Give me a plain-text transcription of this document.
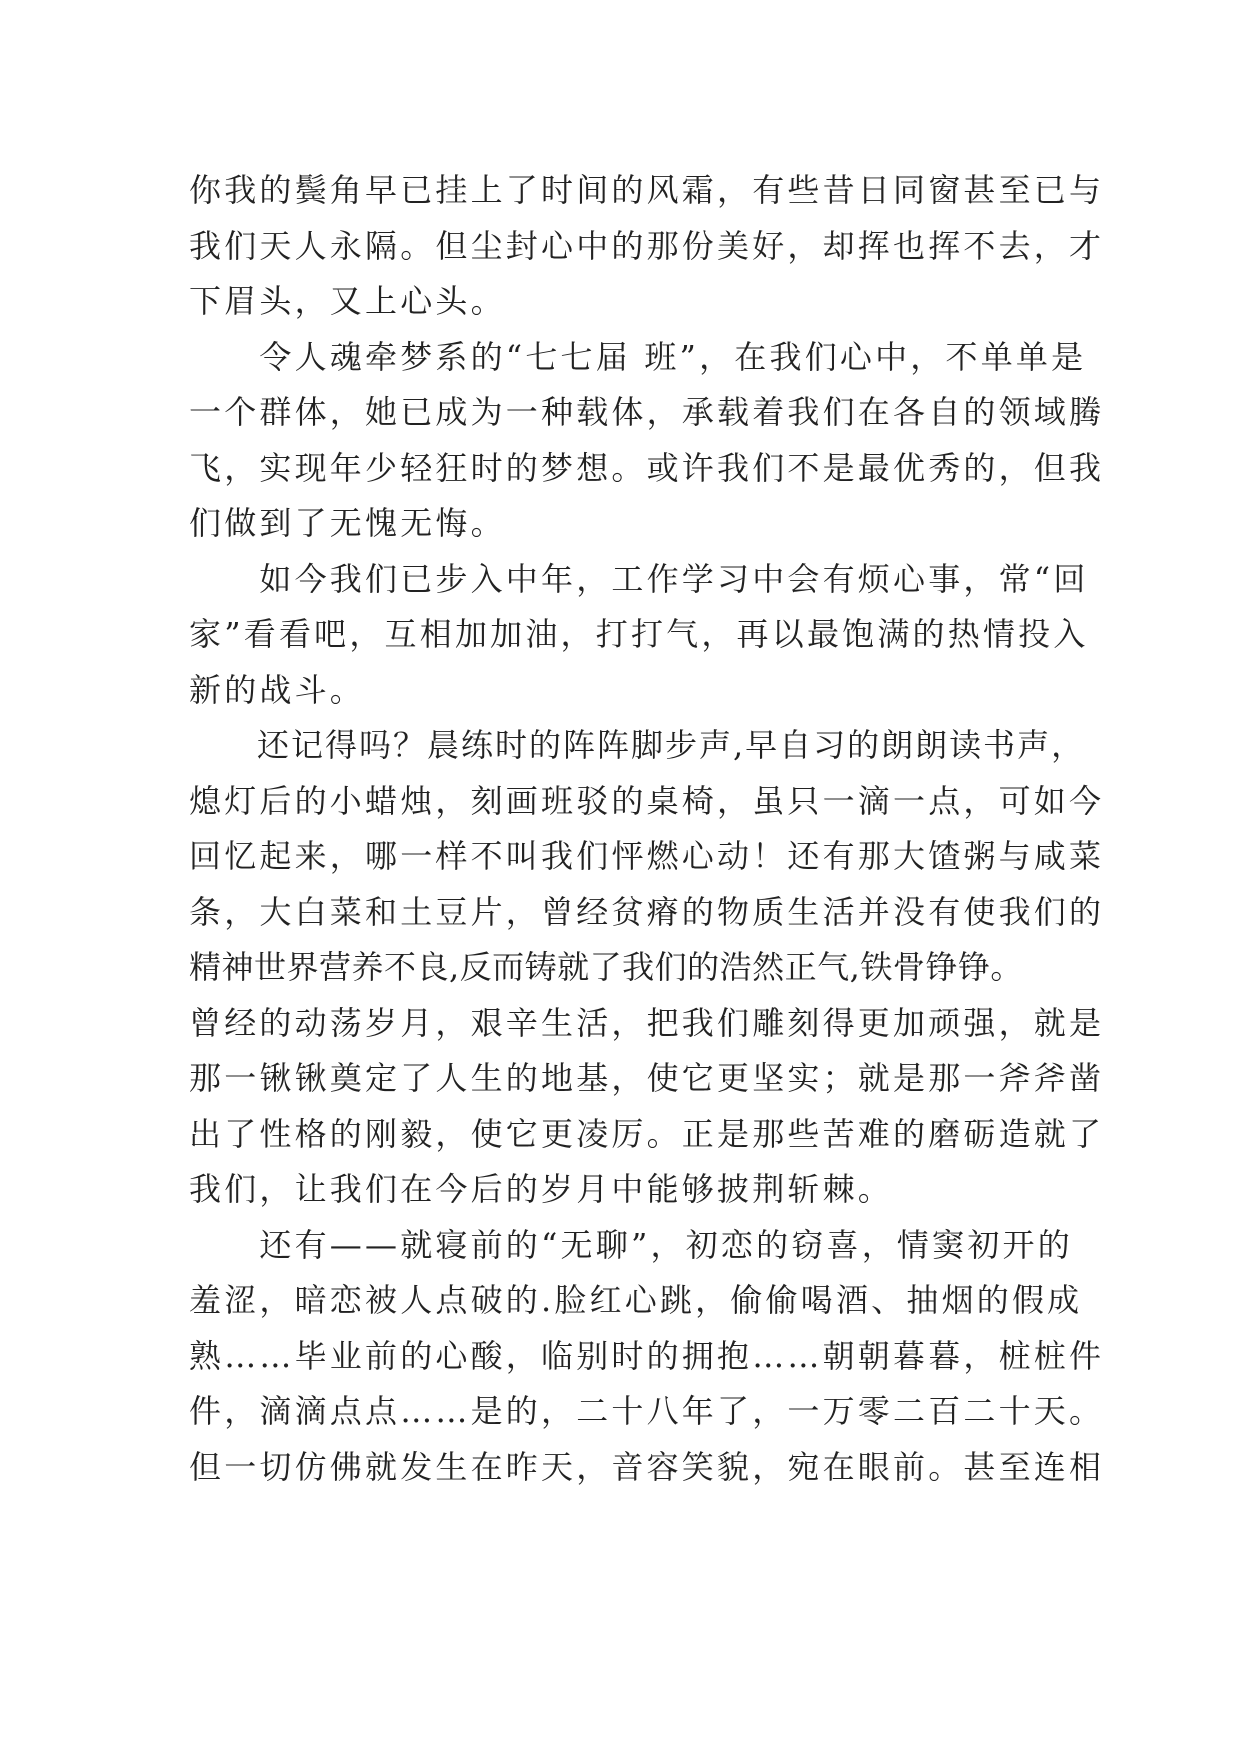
你我的鬓角早已挂上了时间的风霜，有些昔日同窗甚至已与
我们天人永隔。但尘封心中的那份美好，却挥也挥不去，才
下眉头，又上心头。
　　令人魂牵梦系的“七七届 班”，在我们心中，不单单是
一个群体，她已成为一种载体，承载着我们在各自的领域腾
飞，实现年少轻狂时的梦想。或许我们不是最优秀的，但我
们做到了无愧无悔。
　　如今我们已步入中年，工作学习中会有烦心事，常“回
家”看看吧，互相加加油，打打气，再以最饱满的热情投入
新的战斗。
　　还记得吗？晨练时的阵阵脚步声,早自习的朗朗读书声，
熄灯后的小蜡烛，刻画班驳的桌椅，虽只一滴一点，可如今
回忆起来，哪一样不叫我们怦燃心动！还有那大馇粥与咸菜
条，大白菜和土豆片，曾经贫瘠的物质生活并没有使我们的
精神世界营养不良,反而铸就了我们的浩然正气,铁骨铮铮。
曾经的动荡岁月，艰辛生活，把我们雕刻得更加顽强，就是
那一锹锹奠定了人生的地基，使它更坚实；就是那一斧斧凿
出了性格的刚毅，使它更凌厉。正是那些苦难的磨砺造就了
我们，让我们在今后的岁月中能够披荆斩棘。
　　还有——就寝前的“无聊”，初恋的窃喜，情窦初开的
羞涩，暗恋被人点破的.脸红心跳，偷偷喝酒、抽烟的假成
熟……毕业前的心酸，临别时的拥抱……朝朝暮暮，桩桩件
件，滴滴点点……是的，二十八年了，一万零二百二十天。
但一切仿佛就发生在昨天，音容笑貌，宛在眼前。甚至连相
